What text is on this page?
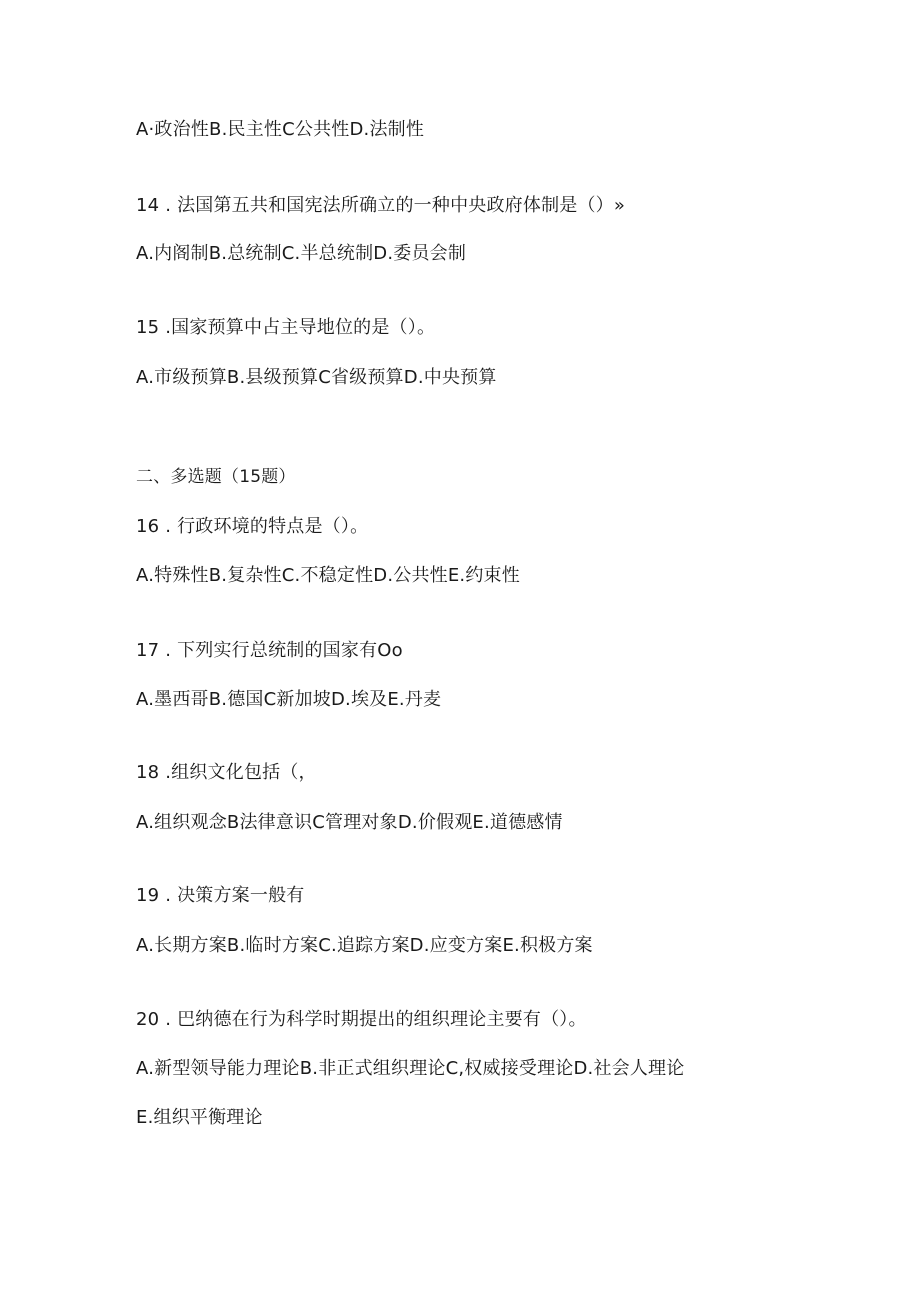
A·政治性B.民主性C公共性D.法制性
14 . 法国第五共和国宪法所确立的一种中央政府体制是（）»
A.内阁制B.总统制C.半总统制D.委员会制
15 .国家预算中占主导地位的是（）。
A.市级预算B.县级预算C省级预算D.中央预算
二、多选题（15题）
16 . 行政环境的特点是（）。
A.特殊性B.复杂性C.不稳定性D.公共性E.约束性
17 . 下列实行总统制的国家有Oo
A.墨西哥B.德国C新加坡D.埃及E.丹麦
18 .组织文化包括（，
A.组织观念B法律意识C管理对象D.价假观E.道德感情
19 . 决策方案一般有
A.长期方案B.临时方案C.追踪方案D.应变方案E.积极方案
20 . 巴纳德在行为科学时期提出的组织理论主要有（）。
A.新型领导能力理论B.非正式组织理论C,权威接受理论D.社会人理论
E.组织平衡理论
